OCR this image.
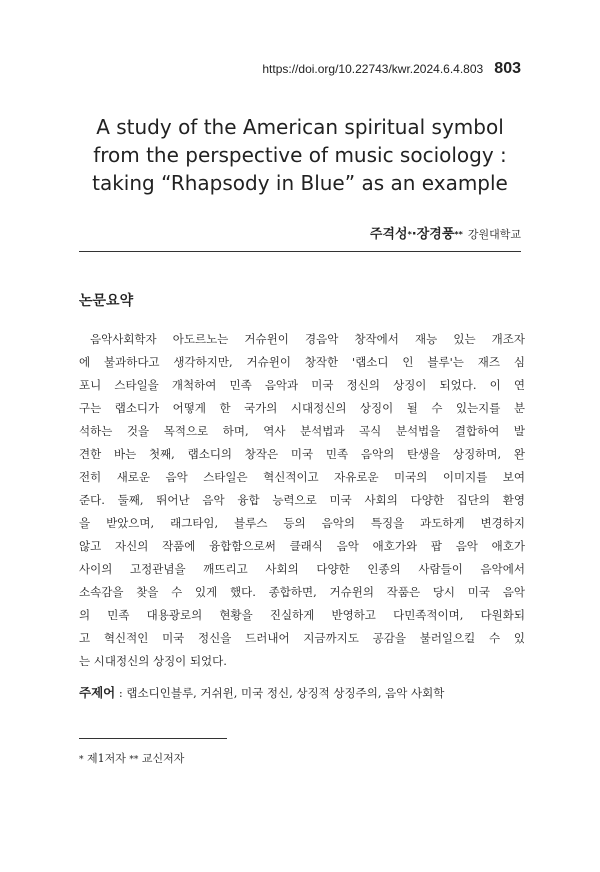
https://doi.org/10.22743/kwr.2024.6.4.803 803
A study of the American spiritual symbol
from the perspective of music sociology :
taking “Rhapsody in Blue” as an example
주격성*·장경풍** 강원대학교
논문요약
음악사회학자 아도르노는 거슈윈이 경음악 창작에서 재능 있는 개조자
에 불과하다고 생각하지만, 거슈윈이 창작한 '랩소디 인 블루'는 재즈 심
포니 스타일을 개척하여 민족 음악과 미국 정신의 상징이 되었다. 이 연
구는 랩소디가 어떻게 한 국가의 시대정신의 상징이 될 수 있는지를 분
석하는 것을 목적으로 하며, 역사 분석법과 곡식 분석법을 결합하여 발
견한 바는 첫째, 랩소디의 창작은 미국 민족 음악의 탄생을 상징하며, 완
전히 새로운 음악 스타일은 혁신적이고 자유로운 미국의 이미지를 보여
준다. 둘째, 뛰어난 음악 융합 능력으로 미국 사회의 다양한 집단의 환영
을 받았으며, 래그타임, 블루스 등의 음악의 특징을 과도하게 변경하지
않고 자신의 작품에 융합함으로써 클래식 음악 애호가와 팝 음악 애호가
사이의 고정관념을 깨뜨리고 사회의 다양한 인종의 사람들이 음악에서
소속감을 찾을 수 있게 했다. 종합하면, 거슈윈의 작품은 당시 미국 음악
의 민족 대용광로의 현황을 진실하게 반영하고 다민족적이며, 다원화되
고 혁신적인 미국 정신을 드러내어 지금까지도 공감을 불러일으킬 수 있
는 시대정신의 상징이 되었다.
주제어 : 랩소디인블루, 거쉬윈, 미국 정신, 상징적 상징주의, 음악 사회학
* 제1저자 ** 교신저자
